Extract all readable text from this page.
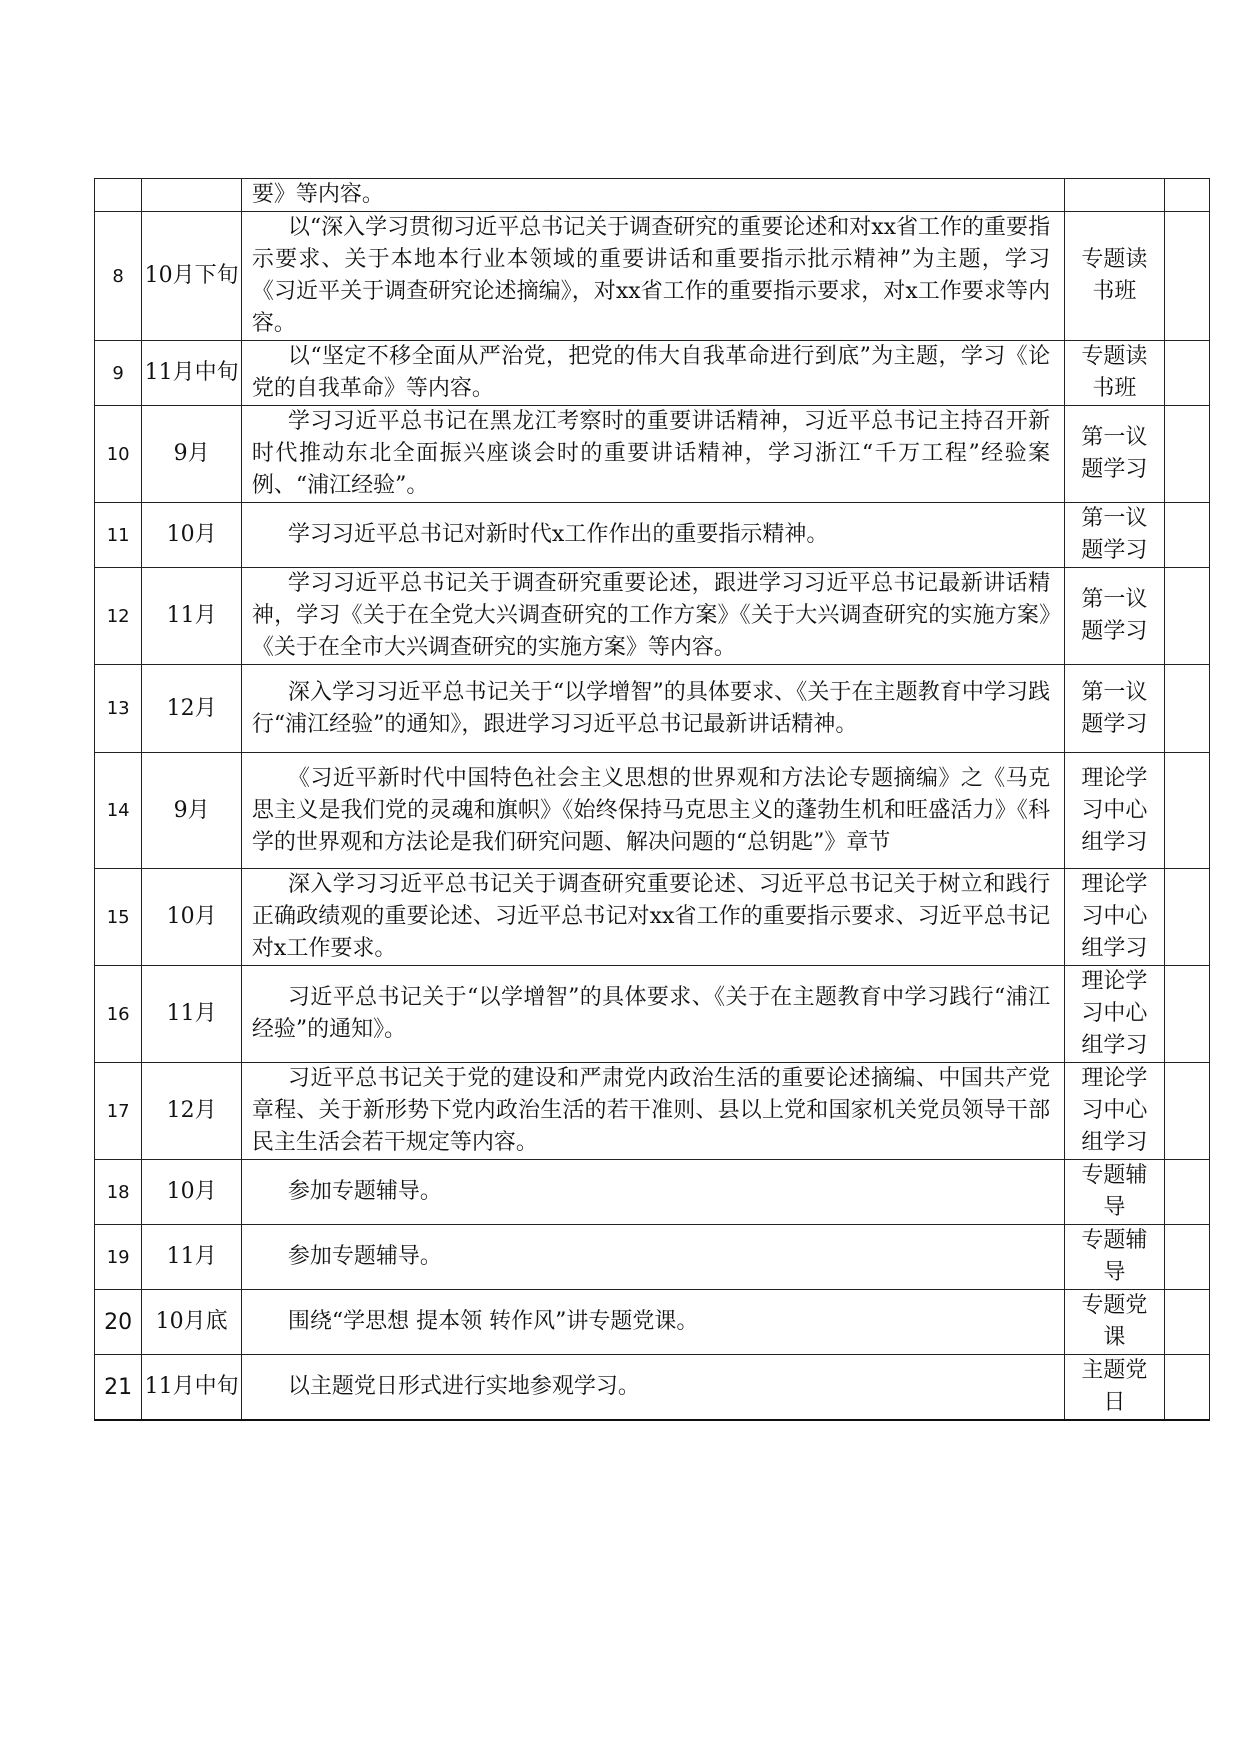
		要》等内容。		
8	10月下旬	以“深入学习贯彻习近平总书记关于调查研究的重要论述和对xx省工作的重要指示要求、关于本地本行业本领域的重要讲话和重要指示批示精神”为主题，学习《习近平关于调查研究论述摘编》，对xx省工作的重要指示要求，对x工作要求等内容。	专题读书班	
9	11月中旬	以“坚定不移全面从严治党，把党的伟大自我革命进行到底”为主题，学习《论党的自我革命》等内容。	专题读书班	
10	9月	学习习近平总书记在黑龙江考察时的重要讲话精神，习近平总书记主持召开新时代推动东北全面振兴座谈会时的重要讲话精神，学习浙江“千万工程”经验案例、“浦江经验”。	第一议题学习	
11	10月	学习习近平总书记对新时代x工作作出的重要指示精神。	第一议题学习	
12	11月	学习习近平总书记关于调查研究重要论述，跟进学习习近平总书记最新讲话精神，学习《关于在全党大兴调查研究的工作方案》《关于大兴调查研究的实施方案》《关于在全市大兴调查研究的实施方案》等内容。	第一议题学习	
13	12月	深入学习习近平总书记关于“以学增智”的具体要求、《关于在主题教育中学习践行“浦江经验”的通知》，跟进学习习近平总书记最新讲话精神。	第一议题学习	
14	9月	《习近平新时代中国特色社会主义思想的世界观和方法论专题摘编》之《马克思主义是我们党的灵魂和旗帜》《始终保持马克思主义的蓬勃生机和旺盛活力》《科学的世界观和方法论是我们研究问题、解决问题的“总钥匙”》章节	理论学习中心组学习	
15	10月	深入学习习近平总书记关于调查研究重要论述、习近平总书记关于树立和践行正确政绩观的重要论述、习近平总书记对xx省工作的重要指示要求、习近平总书记对x工作要求。	理论学习中心组学习	
16	11月	习近平总书记关于“以学增智”的具体要求、《关于在主题教育中学习践行“浦江经验”的通知》。	理论学习中心组学习	
17	12月	习近平总书记关于党的建设和严肃党内政治生活的重要论述摘编、中国共产党章程、关于新形势下党内政治生活的若干准则、县以上党和国家机关党员领导干部民主生活会若干规定等内容。	理论学习中心组学习	
18	10月	参加专题辅导。	专题辅导	
19	11月	参加专题辅导。	专题辅导	
20	10月底	围绕“学思想 提本领 转作风”讲专题党课。	专题党课	
21	11月中旬	以主题党日形式进行实地参观学习。	主题党日	
